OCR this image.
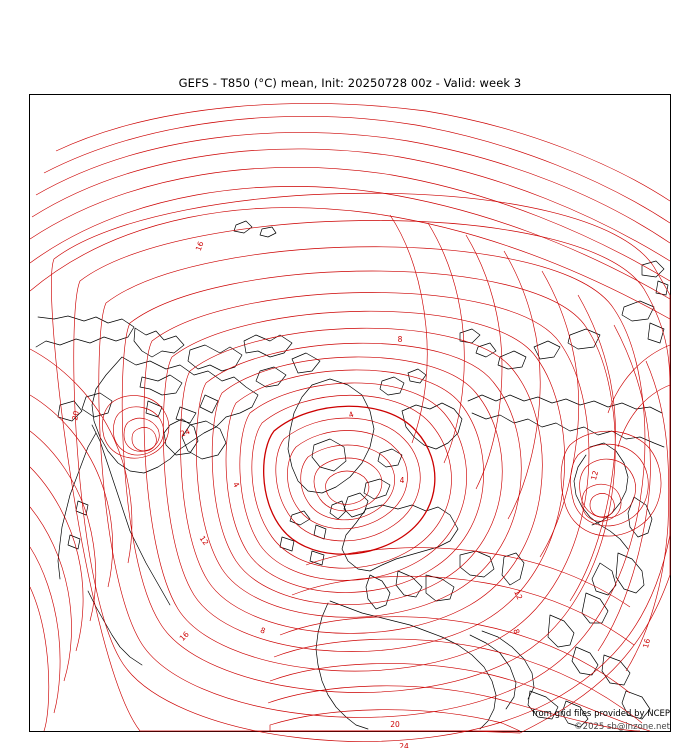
GEFS - T850 (°C) mean, Init: 20250728 00z - Valid: week 3
16
8
20	4
24
4	4	12
12
12
16	8	8
16
20
24
from grid files provided by NCEP
©2025 sb@inzone.net
